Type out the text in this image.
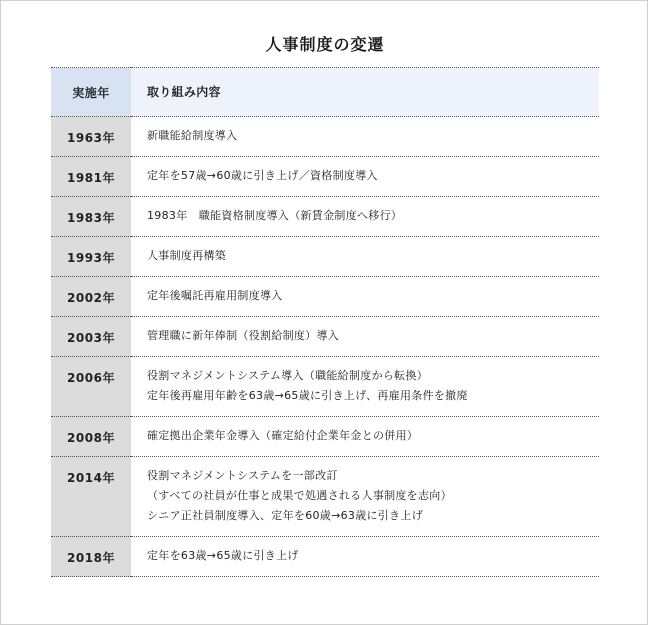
人事制度の変遷
実施年	取り組み内容
1963年	新職能給制度導入

1981年	定年を57歳→60歳に引き上げ／資格制度導入

1983年	1983年　職能資格制度導入（新賃金制度へ移行）

1993年	人事制度再構築

2002年	定年後嘱託再雇用制度導入

2003年	管理職に新年俸制（役割給制度）導入

2006年	役割マネジメントシステム導入（職能給制度から転換）
定年後再雇用年齢を63歳→65歳に引き上げ、再雇用条件を撤廃

2008年	確定拠出企業年金導入（確定給付企業年金との併用）

2014年	役割マネジメントシステムを一部改訂
（すべての社員が仕事と成果で処遇される人事制度を志向）
シニア正社員制度導入、定年を60歳→63歳に引き上げ

2018年	定年を63歳→65歳に引き上げ
